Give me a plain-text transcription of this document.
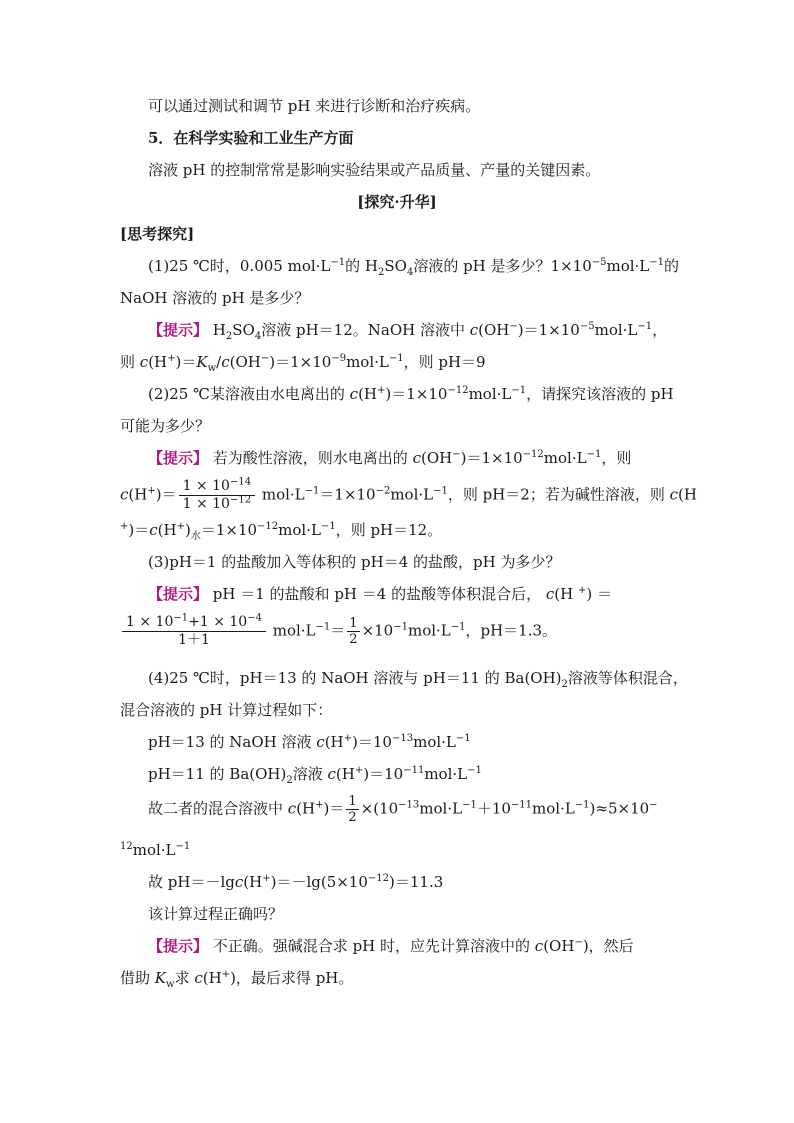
可以通过测试和调节 pH 来进行诊断和治疗疾病。
5．在科学实验和工业生产方面
溶液 pH 的控制常常是影响实验结果或产品质量、产量的关键因素。
[探究·升华]
[思考探究]
(1)25 ℃时，0.005 $mol\cdot L^{-1}$的 $H_2SO_4$溶液的 pH 是多少？$1\times 10^{-5}mol\cdot L^{-1}$的
NaOH 溶液的 pH 是多少？
【提示】 $H_2SO_4$溶液 pH＝12。NaOH 溶液中 $c(OH^-)=1\times 10^{-5}mol\cdot L^{-1}$，
则 $c(H^+)=K_w/c(OH^-)=1\times 10^{-9}mol\cdot L^{-1}$，则 pH＝9
(2)25 ℃某溶液由水电离出的 $c(H^+)=1\times 10^{-12}mol\cdot L^{-1}$，请探究该溶液的 pH
可能为多少？
【提示】 若为酸性溶液，则水电离出的 $c(OH^-)=1\times 10^{-12}mol\cdot L^{-1}$，则
$c(H^+)= \frac{1 \times 10^{-14}}{1 \times 10^{-12}} mol\cdot L^{-1}=1\times 10^{-2}mol\cdot L^{-1}$，则 pH＝2；若为碱性溶液，则 c(H
$^+)=c(H^+)_水=1\times 10^{-12}mol\cdot L^{-1}$，则 pH＝12。
(3)pH＝1 的盐酸加入等体积的 pH＝4 的盐酸，pH 为多少？
【提示】 pH ＝1 的盐酸和 pH ＝4 的盐酸等体积混合后， c(H +) ＝
$\frac{1 \times 10^{-1}+1 \times 10^{-4}}{1+1} mol\cdot L^{-1}= \frac{1}{2} \times 10^{-1}mol\cdot L^{-1}$，pH＝1.3。
(4)25 ℃时，pH＝13 的 NaOH 溶液与 pH＝11 的 $Ba(OH)_2$溶液等体积混合，
混合溶液的 pH 计算过程如下：
pH＝13 的 NaOH 溶液 $c(H^+)=10^{-13}mol\cdot L^{-1}$
pH＝11 的 $Ba(OH)_2$溶液 $c(H^+)=10^{-11}mol\cdot L^{-1}$
故二者的混合溶液中 $c(H^+)= \frac{1}{2} \times(10^{-13}mol\cdot L^{-1}+10^{-11}mol\cdot L^{-1})\approx 5\times 10^-$
$^{12}mol\cdot L^{-1}$
故 $pH=-\lg c(H^+)=-\lg(5\times 10^{-12})=11.3$
该计算过程正确吗？
【提示】 不正确。强碱混合求 pH 时，应先计算溶液中的 c(OH−)，然后
借助 $K_w$求 c(H+)，最后求得 pH。
